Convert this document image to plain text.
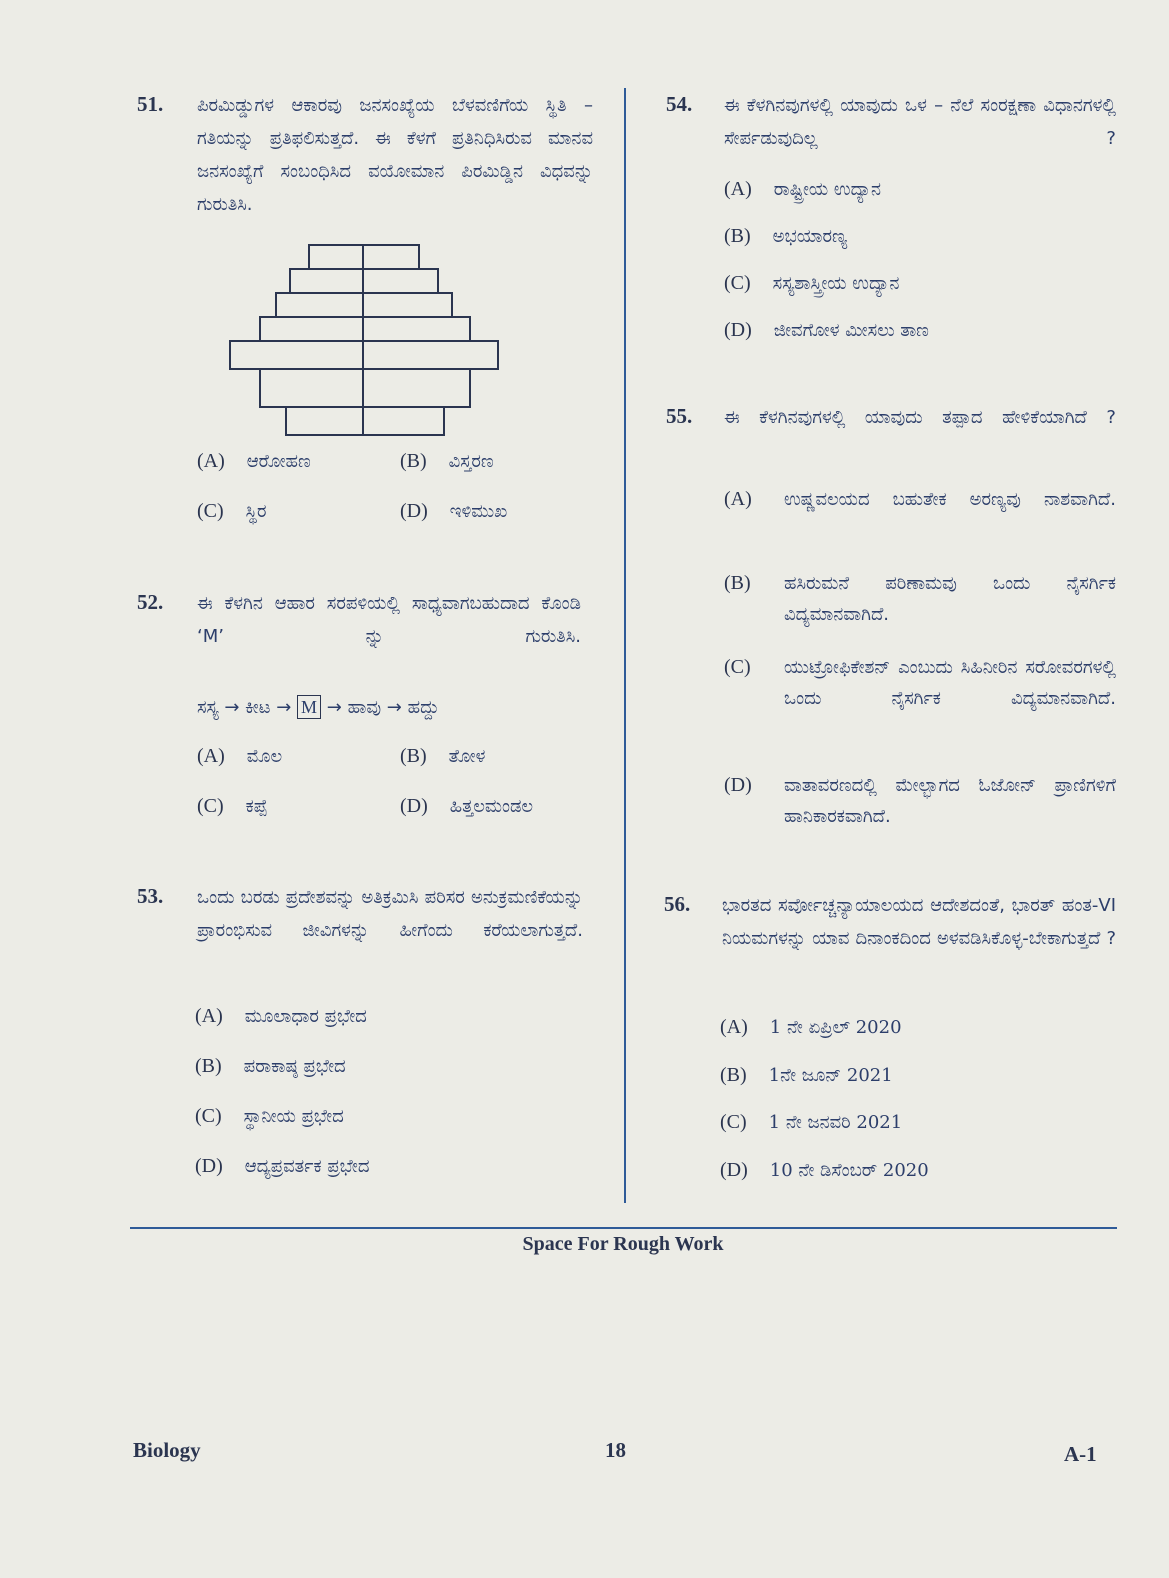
51. ಪಿರಮಿಡ್ಡುಗಳ ಆಕಾರವು ಜನಸಂಖ್ಯೆಯ ಬೆಳವಣಿಗೆಯ ಸ್ಥಿತಿ – ಗತಿಯನ್ನು ಪ್ರತಿಫಲಿಸುತ್ತದೆ. ಈ ಕೆಳಗೆ ಪ್ರತಿನಿಧಿಸಿರುವ ಮಾನವ ಜನಸಂಖ್ಯೆಗೆ ಸಂಬಂಧಿಸಿದ ವಯೋಮಾನ ಪಿರಮಿಡ್ಡಿನ ವಿಧವನ್ನು ಗುರುತಿಸಿ.
(A) ಆರೋಹಣ	(B) ವಿಸ್ತರಣ
(C) ಸ್ಥಿರ	(D) ಇಳಿಮುಖ
52. ಈ ಕೆಳಗಿನ ಆಹಾರ ಸರಪಳಿಯಲ್ಲಿ ಸಾಧ್ಯವಾಗಬಹುದಾದ ಕೊಂಡಿ ‘M’ ನ್ನು ಗುರುತಿಸಿ.
ಸಸ್ಯ → ಕೀಟ → M → ಹಾವು → ಹದ್ದು
(A) ಮೊಲ	(B) ತೋಳ
(C) ಕಪ್ಪೆ	(D) ಹಿತ್ತಲಮಂಡಲ
53. ಒಂದು ಬರಡು ಪ್ರದೇಶವನ್ನು ಅತಿಕ್ರಮಿಸಿ ಪರಿಸರ ಅನುಕ್ರಮಣಿಕೆಯನ್ನು ಪ್ರಾರಂಭಿಸುವ ಜೀವಿಗಳನ್ನು ಹೀಗೆಂದು ಕರೆಯಲಾಗುತ್ತದೆ.
(A) ಮೂಲಾಧಾರ ಪ್ರಭೇದ
(B) ಪರಾಕಾಷ್ಠ ಪ್ರಭೇದ
(C) ಸ್ಥಾನೀಯ ಪ್ರಭೇದ
(D) ಆದ್ಯಪ್ರವರ್ತಕ ಪ್ರಭೇದ
54. ಈ ಕೆಳಗಿನವುಗಳಲ್ಲಿ ಯಾವುದು ಒಳ – ನೆಲೆ ಸಂರಕ್ಷಣಾ ವಿಧಾನಗಳಲ್ಲಿ ಸೇರ್ಪಡುವುದಿಲ್ಲ ?
(A) ರಾಷ್ಟ್ರೀಯ ಉದ್ಯಾನ
(B) ಅಭಯಾರಣ್ಯ
(C) ಸಸ್ಯಶಾಸ್ತ್ರೀಯ ಉದ್ಯಾನ
(D) ಜೀವಗೋಳ ಮೀಸಲು ತಾಣ
55. ಈ ಕೆಳಗಿನವುಗಳಲ್ಲಿ ಯಾವುದು ತಪ್ಪಾದ ಹೇಳಿಕೆಯಾಗಿದೆ ?
(A) ಉಷ್ಣವಲಯದ ಬಹುತೇಕ ಅರಣ್ಯವು ನಾಶವಾಗಿದೆ.
(B) ಹಸಿರುಮನೆ ಪರಿಣಾಮವು ಒಂದು ನೈಸರ್ಗಿಕ ವಿದ್ಯಮಾನವಾಗಿದೆ.
(C) ಯುಟ್ರೋಫಿಕೇಶನ್ ಎಂಬುದು ಸಿಹಿನೀರಿನ ಸರೋವರಗಳಲ್ಲಿ ಒಂದು ನೈಸರ್ಗಿಕ ವಿದ್ಯಮಾನವಾಗಿದೆ.
(D) ವಾತಾವರಣದಲ್ಲಿ ಮೇಲ್ಭಾಗದ ಓಜೋನ್ ಪ್ರಾಣಿಗಳಿಗೆ ಹಾನಿಕಾರಕವಾಗಿದೆ.
56. ಭಾರತದ ಸರ್ವೋಚ್ಚನ್ಯಾಯಾಲಯದ ಆದೇಶದಂತೆ, ಭಾರತ್ ಹಂತ-VI ನಿಯಮಗಳನ್ನು ಯಾವ ದಿನಾಂಕದಿಂದ ಅಳವಡಿಸಿಕೊಳ್ಳ-ಬೇಕಾಗುತ್ತದೆ ?
(A) 1 ನೇ ಏಪ್ರಿಲ್ 2020
(B) 1ನೇ ಜೂನ್ 2021
(C) 1 ನೇ ಜನವರಿ 2021
(D) 10 ನೇ ಡಿಸೆಂಬರ್ 2020
Space For Rough Work
Biology	18	A-1
